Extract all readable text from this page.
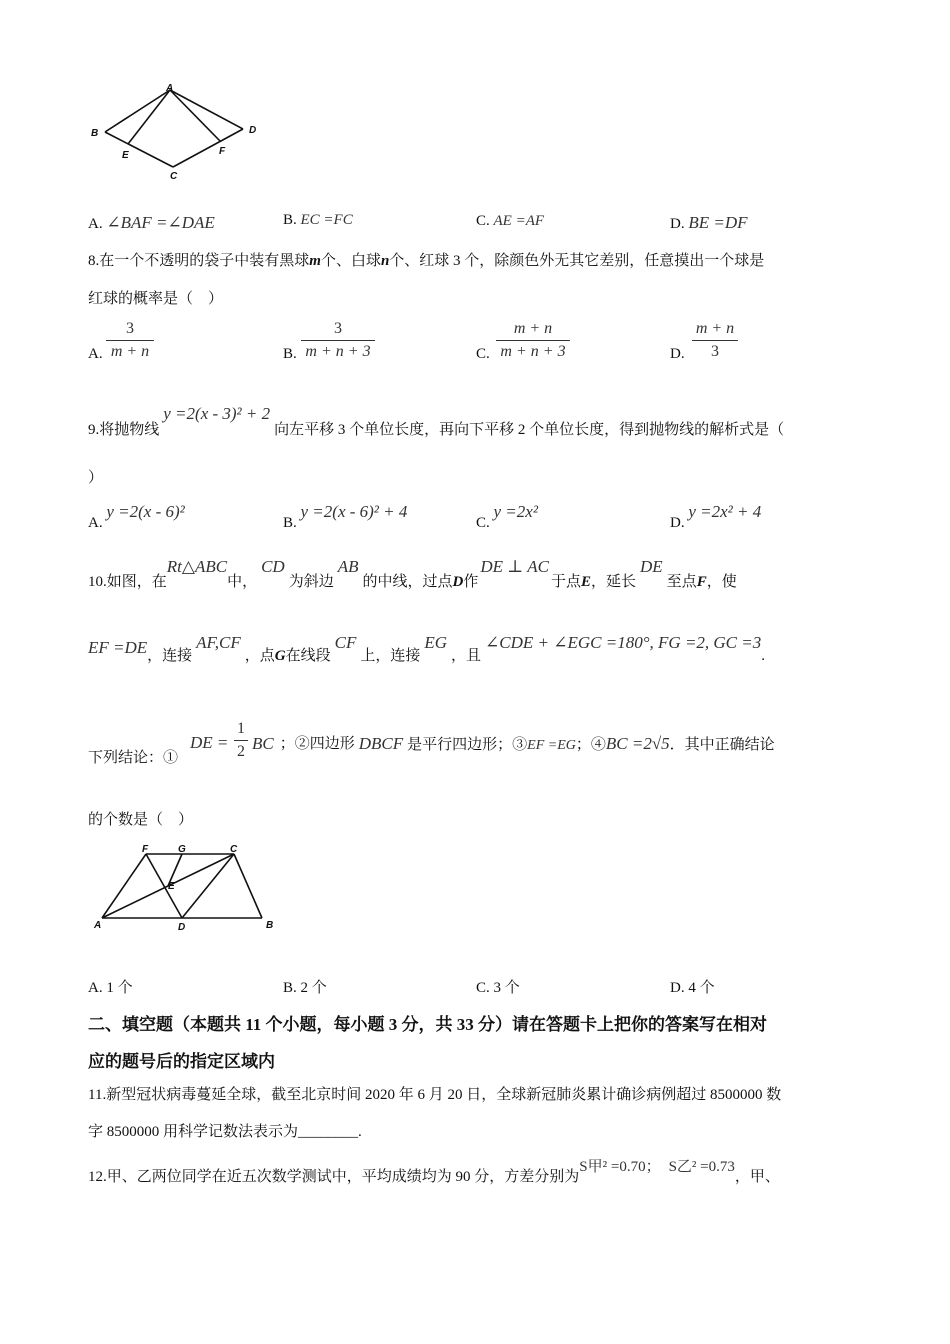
A
B
C
D
E	F
A. ∠BAF =∠DAE	B. EC =FC	C. AE =AF	D. BE =DF
8.在一个不透明的袋子中装有黑球m个、白球n个、红球 3 个，除颜色外无其它差别，任意摸出一个球是
红球的概率是（　）
A.
3
m + n	B.
3
m + n + 3	C.
m + n
m + n + 3	D.
m + n
3
9.将抛物线y =2(x - 3)² + 2向左平移 3 个单位长度，再向下平移 2 个单位长度，得到抛物线的解析式是（
）
A. y =2(x - 6)²
B. y =2(x - 6)² + 4
C. y =2x²
D. y =2x² + 4
10.如图，在Rt△ABC中，CD为斜边AB的中线，过点D作DE ⊥ AC于点E，延长DE至点F，使
EF =DE，连接AF,CF，点G在线段CF上，连接EG，且∠CDE + ∠EGC =180°, FG =2, GC =3.
下列结论：①
DE =
1
2 BC ；②四边形 DBCF 是平行四边形；③EF =EG；④BC =2√5．其中正确结论
的个数是（　）
F	G	C
E
A	D	B
A. 1 个	B. 2 个	C. 3 个	D. 4 个
二、填空题（本题共 11 个小题，每小题 3 分，共 33 分）请在答题卡上把你的答案写在相对
应的题号后的指定区域内
11.新型冠状病毒蔓延全球，截至北京时间 2020 年 6 月 20 日，全球新冠肺炎累计确诊病例超过 8500000 数
字 8500000 用科学记数法表示为________.
12.甲、乙两位同学在近五次数学测试中，平均成绩均为 90 分，方差分别为S甲² =0.70； S乙² =0.73，甲、
